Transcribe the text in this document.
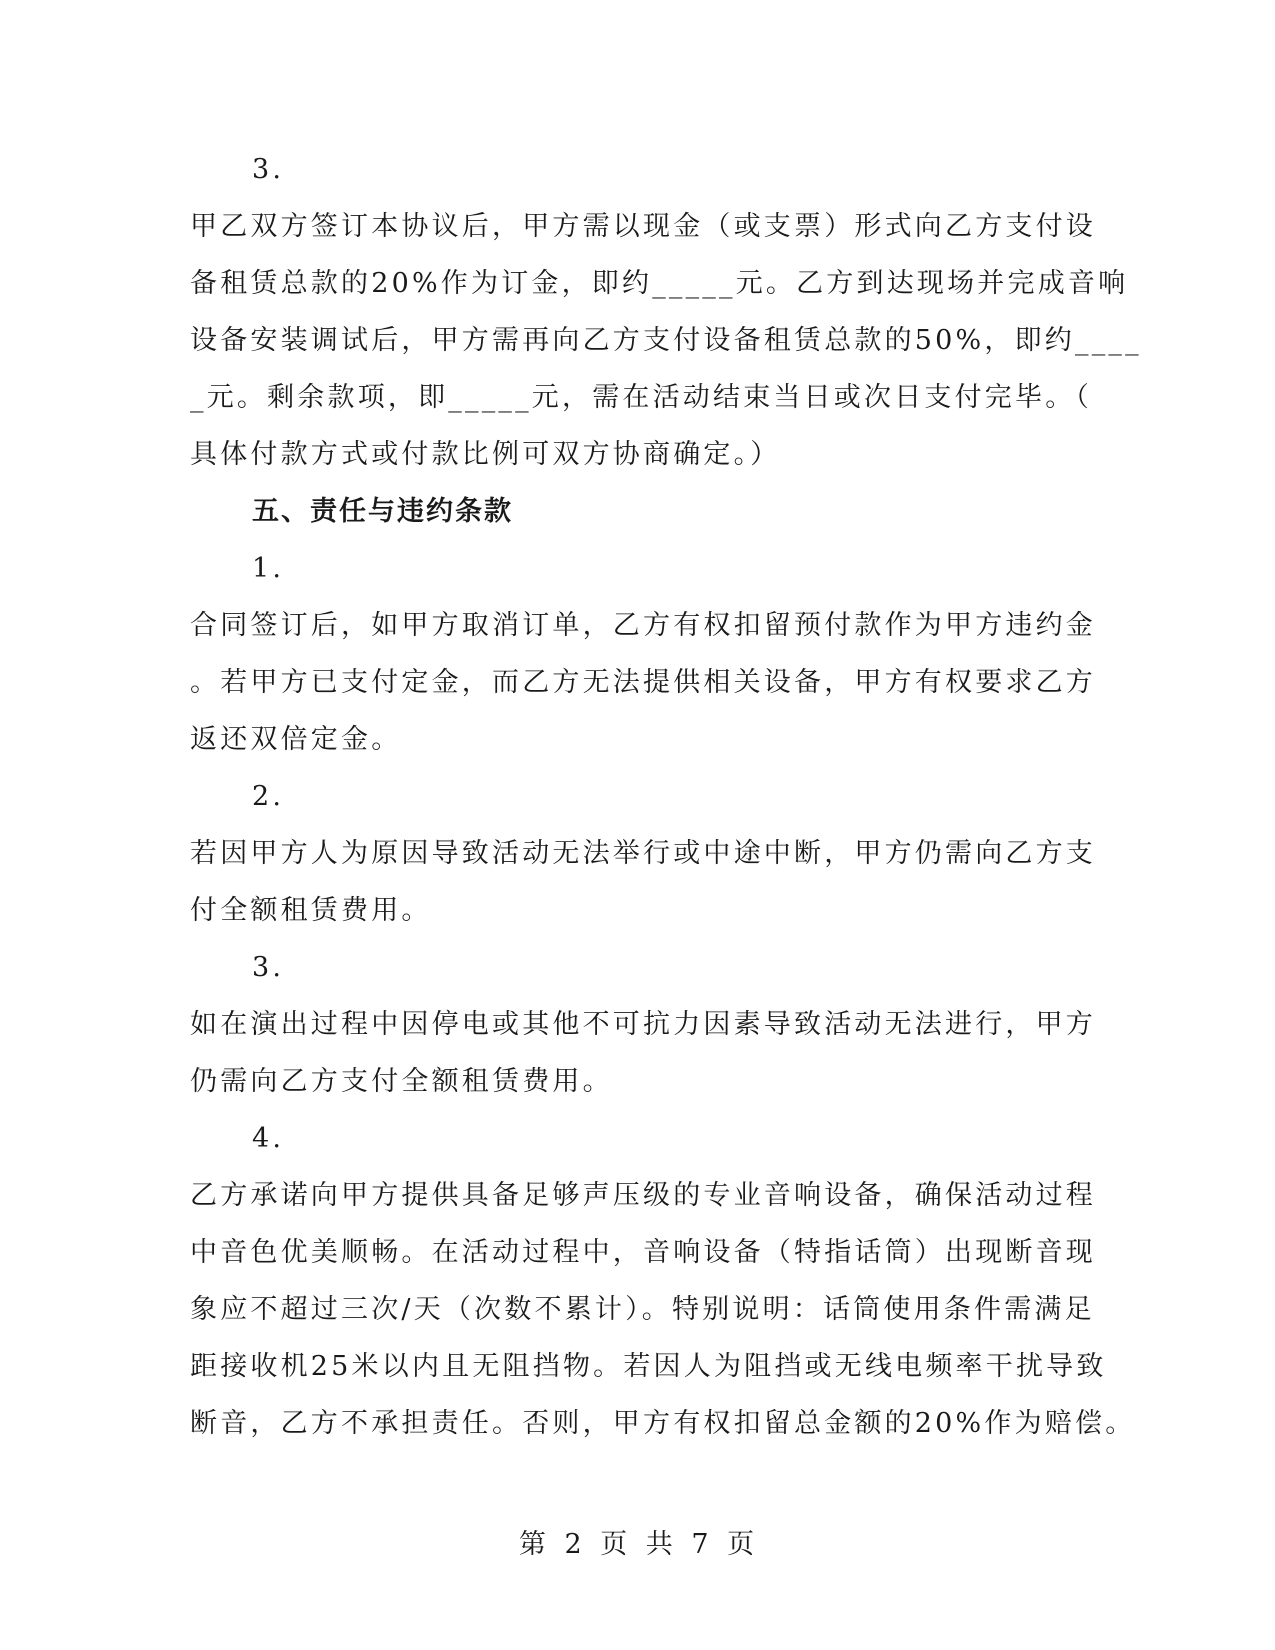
3.
甲乙双方签订本协议后，甲方需以现金（或支票）形式向乙方支付设
备租赁总款的20%作为订金，即约_____元。乙方到达现场并完成音响
设备安装调试后，甲方需再向乙方支付设备租赁总款的50%，即约____
_元。剩余款项，即_____元，需在活动结束当日或次日支付完毕。（
具体付款方式或付款比例可双方协商确定。）
五、责任与违约条款
1.
合同签订后，如甲方取消订单，乙方有权扣留预付款作为甲方违约金
。若甲方已支付定金，而乙方无法提供相关设备，甲方有权要求乙方
返还双倍定金。
2.
若因甲方人为原因导致活动无法举行或中途中断，甲方仍需向乙方支
付全额租赁费用。
3.
如在演出过程中因停电或其他不可抗力因素导致活动无法进行，甲方
仍需向乙方支付全额租赁费用。
4.
乙方承诺向甲方提供具备足够声压级的专业音响设备，确保活动过程
中音色优美顺畅。在活动过程中，音响设备（特指话筒）出现断音现
象应不超过三次/天（次数不累计）。特别说明：话筒使用条件需满足
距接收机25米以内且无阻挡物。若因人为阻挡或无线电频率干扰导致
断音，乙方不承担责任。否则，甲方有权扣留总金额的20%作为赔偿。
第 2 页 共 7 页
